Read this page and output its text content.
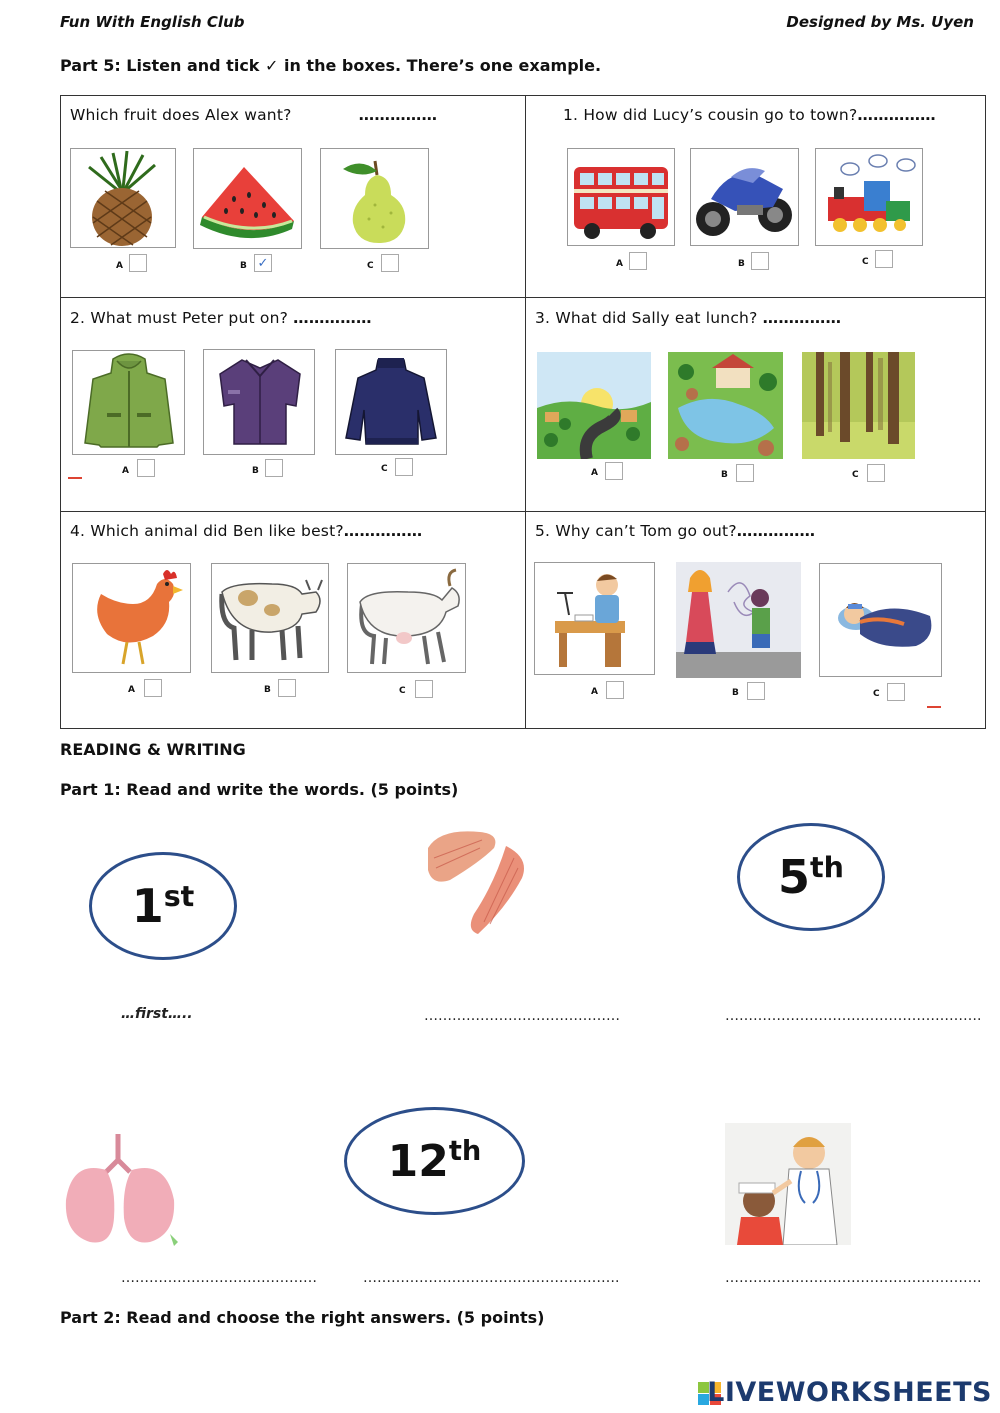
Fun With English Club	Designed by Ms. Uyen
Part 5: Listen and tick ✓ in the boxes. There’s one example.
Which fruit does Alex want?	……………
A	B ✓	C
1. How did Lucy’s cousin go to town?……………
A	B	C
2. What must Peter put on? ……………
A	B	C
3. What did Sally eat lunch? ……………
A	B	C
4. Which animal did Ben like best?……………
A	B	C
5. Why can’t Tom go out?……………
A	B	C
READING & WRITING
Part 1: Read and write the words. (5 points)
1st
…first…..	……………………………………
5th
……………………………………………….
……………………………………
12th
……………………………………………….	……………………………………………….
Part 2: Read and choose the right answers. (5 points)
LIVEWORKSHEETS
